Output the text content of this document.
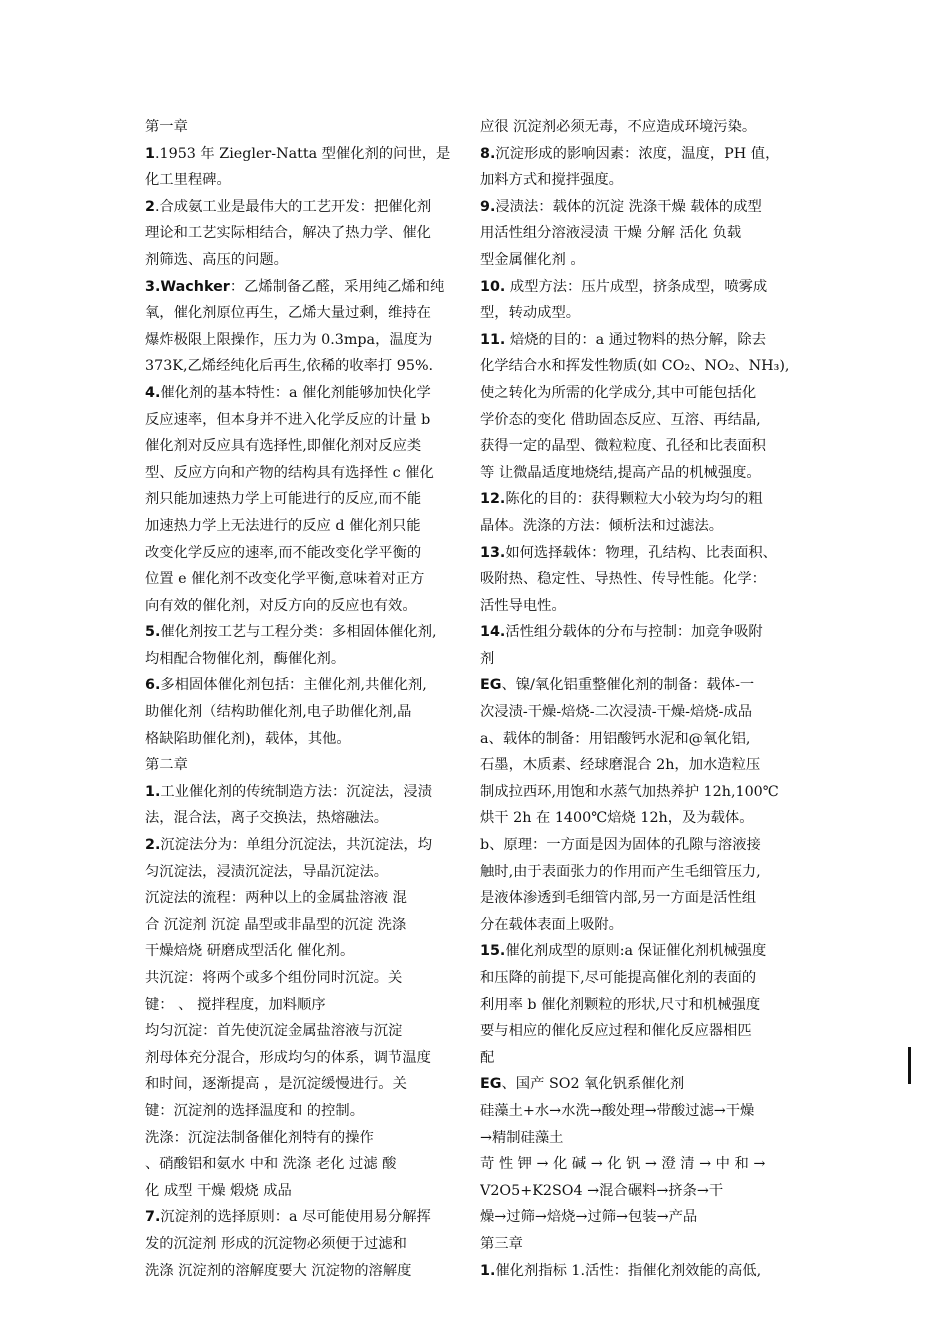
第一章
1.1953 年 Ziegler-Natta 型催化剂的问世，是
化工里程碑。
2.合成氨工业是最伟大的工艺开发：把催化剂
理论和工艺实际相结合，解决了热力学、催化
剂筛选、高压的问题。
3.Wachker：乙烯制备乙醛，采用纯乙烯和纯
氧，催化剂原位再生，乙烯大量过剩，维持在
爆炸极限上限操作，压力为 0.3mpa，温度为
373K,乙烯经纯化后再生,依稀的收率打 95%.
4.催化剂的基本特性：a 催化剂能够加快化学
反应速率，但本身并不进入化学反应的计量 b
催化剂对反应具有选择性,即催化剂对反应类
型、反应方向和产物的结构具有选择性 c 催化
剂只能加速热力学上可能进行的反应,而不能
加速热力学上无法进行的反应 d 催化剂只能
改变化学反应的速率,而不能改变化学平衡的
位置 e 催化剂不改变化学平衡,意味着对正方
向有效的催化剂，对反方向的反应也有效。
5.催化剂按工艺与工程分类：多相固体催化剂,
均相配合物催化剂，酶催化剂。
6.多相固体催化剂包括：主催化剂,共催化剂,
助催化剂（结构助催化剂,电子助催化剂,晶
格缺陷助催化剂)，载体，其他。
第二章
1.工业催化剂的传统制造方法：沉淀法，浸渍
法，混合法，离子交换法，热熔融法。
2.沉淀法分为：单组分沉淀法，共沉淀法，均
匀沉淀法，浸渍沉淀法，导晶沉淀法。
沉淀法的流程：两种以上的金属盐溶液 混
合 沉淀剂 沉淀 晶型或非晶型的沉淀 洗涤
干燥焙烧 研磨成型活化 催化剂。
共沉淀：将两个或多个组份同时沉淀。关
键： 、 搅拌程度，加料顺序
均匀沉淀：首先使沉淀金属盐溶液与沉淀
剂母体充分混合，形成均匀的体系，调节温度
和时间，逐渐提高 ，是沉淀缓慢进行。关
键：沉淀剂的选择温度和 的控制。
洗涤：沉淀法制备催化剂特有的操作
、硝酸铝和氨水 中和 洗涤 老化 过滤 酸
化 成型 干燥 煅烧 成品
7.沉淀剂的选择原则：a 尽可能使用易分解挥
发的沉淀剂 形成的沉淀物必须便于过滤和
洗涤 沉淀剂的溶解度要大 沉淀物的溶解度
应很 沉淀剂必须无毒，不应造成环境污染。
8.沉淀形成的影响因素：浓度，温度，PH 值，
加料方式和搅拌强度。
9.浸渍法：载体的沉淀 洗涤干燥 载体的成型
用活性组分溶液浸渍 干燥 分解 活化 负载
型金属催化剂 。
10. 成型方法：压片成型，挤条成型，喷雾成
型，转动成型。
11. 焙烧的目的：a 通过物料的热分解，除去
化学结合水和挥发性物质(如 CO₂、NO₂、NH₃),
使之转化为所需的化学成分,其中可能包括化
学价态的变化 借助固态反应、互溶、再结晶,
获得一定的晶型、微粒粒度、孔径和比表面积
等 让微晶适度地烧结,提高产品的机械强度。
12.陈化的目的：获得颗粒大小较为均匀的粗
晶体。洗涤的方法：倾析法和过滤法。
13.如何选择载体：物理，孔结构、比表面积、
吸附热、稳定性、导热性、传导性能。化学：
活性导电性。
14.活性组分载体的分布与控制：加竞争吸附
剂
EG、镍/氧化铝重整催化剂的制备：载体-一
次浸渍-干燥-焙烧-二次浸渍-干燥-焙烧-成品
a、载体的制备：用铝酸钙水泥和@氧化铝,
石墨，木质素、经球磨混合 2h，加水造粒压
制成拉西环,用饱和水蒸气加热养护 12h,100℃
烘干 2h 在 1400℃焙烧 12h，及为载体。
b、原理：一方面是因为固体的孔隙与溶液接
触时,由于表面张力的作用而产生毛细管压力,
是液体渗透到毛细管内部,另一方面是活性组
分在载体表面上吸附。
15.催化剂成型的原则:a 保证催化剂机械强度
和压降的前提下,尽可能提高催化剂的表面的
利用率 b 催化剂颗粒的形状,尺寸和机械强度
要与相应的催化反应过程和催化反应器相匹
配
EG、国产 SO2 氧化钒系催化剂
硅藻土+水→水洗→酸处理→带酸过滤→干燥
→精制硅藻土
苛 性 钾 → 化 碱 → 化 钒 → 澄 清 → 中 和 →
V2O5+K2SO4 →混合碾料→挤条→干
燥→过筛→焙烧→过筛→包装→产品
第三章
1.催化剂指标 1.活性：指催化剂效能的高低,
